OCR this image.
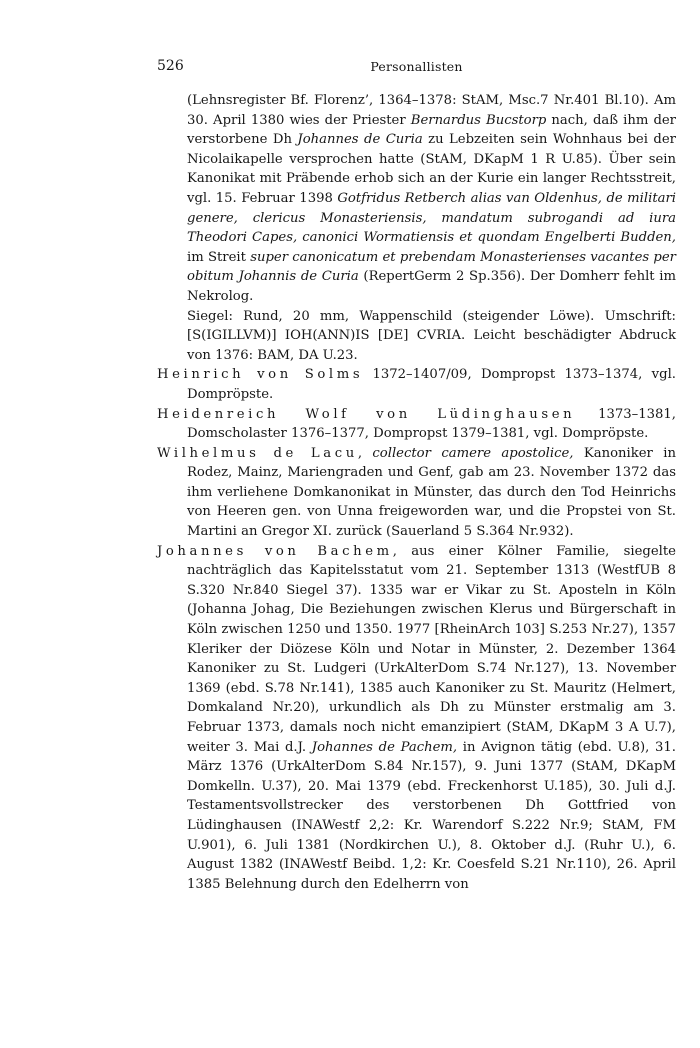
526	Personallisten

(Lehnsregister Bf. Florenz’, 1364–1378: StAM, Msc.7 Nr.401 Bl.10). Am 30. April 1380 wies der Priester Bernardus Bucstorp nach, daß ihm der verstorbene Dh Johannes de Curia zu Lebzeiten sein Wohnhaus bei der Nicolaikapelle versprochen hatte (StAM, DKapM 1 R U.85). Über sein Kanonikat mit Präbende erhob sich an der Kurie ein langer Rechtsstreit, vgl. 15. Februar 1398 Gotfridus Retberch alias van Oldenhus, de militari genere, clericus Monasteriensis, mandatum subrogandi ad iura Theodori Capes, canonici Wormatiensis et quondam Engelberti Budden, im Streit super canonicatum et prebendam Monasterienses vacantes per obitum Johannis de Curia (RepertGerm 2 Sp.356). Der Domherr fehlt im Nekrolog.

Siegel: Rund, 20 mm, Wappenschild (steigender Löwe). Umschrift: [S(IGILLVM)] IOH(ANN)IS [DE] CVRIA. Leicht beschädigter Abdruck von 1376: BAM, DA U.23.

Heinrich von Solms 1372–1407/09, Dompropst 1373–1374, vgl. Dompröpste.

Heidenreich Wolf von Lüdinghausen 1373–1381, Domscholaster 1376–1377, Dompropst 1379–1381, vgl. Dompröpste.

Wilhelmus de Lacu, collector camere apostolice, Kanoniker in Rodez, Mainz, Mariengraden und Genf, gab am 23. November 1372 das ihm verliehene Domkanonikat in Münster, das durch den Tod Heinrichs von Heeren gen. von Unna freigeworden war, und die Propstei von St. Martini an Gregor XI. zurück (Sauerland 5 S.364 Nr.932).

Johannes von Bachem, aus einer Kölner Familie, siegelte nachträglich das Kapitelsstatut vom 21. September 1313 (WestfUB 8 S.320 Nr.840 Siegel 37). 1335 war er Vikar zu St. Aposteln in Köln (Johanna Johag, Die Beziehungen zwischen Klerus und Bürgerschaft in Köln zwischen 1250 und 1350. 1977 [RheinArch 103] S.253 Nr.27), 1357 Kleriker der Diözese Köln und Notar in Münster, 2. Dezember 1364 Kanoniker zu St. Ludgeri (UrkAlterDom S.74 Nr.127), 13. November 1369 (ebd. S.78 Nr.141), 1385 auch Kanoniker zu St. Mauritz (Helmert, Domkaland Nr.20), urkundlich als Dh zu Münster erstmalig am 3. Februar 1373, damals noch nicht emanzipiert (StAM, DKapM 3 A U.7), weiter 3. Mai d.J. Johannes de Pachem, in Avignon tätig (ebd. U.8), 31. März 1376 (UrkAlterDom S.84 Nr.157), 9. Juni 1377 (StAM, DKapM Domkelln. U.37), 20. Mai 1379 (ebd. Freckenhorst U.185), 30. Juli d.J. Testamentsvollstrecker des verstorbenen Dh Gottfried von Lüdinghausen (INAWestf 2,2: Kr. Warendorf S.222 Nr.9; StAM, FM U.901), 6. Juli 1381 (Nordkirchen U.), 8. Oktober d.J. (Ruhr U.), 6. August 1382 (INAWestf Beibd. 1,2: Kr. Coesfeld S.21 Nr.110), 26. April 1385 Belehnung durch den Edelherrn von
